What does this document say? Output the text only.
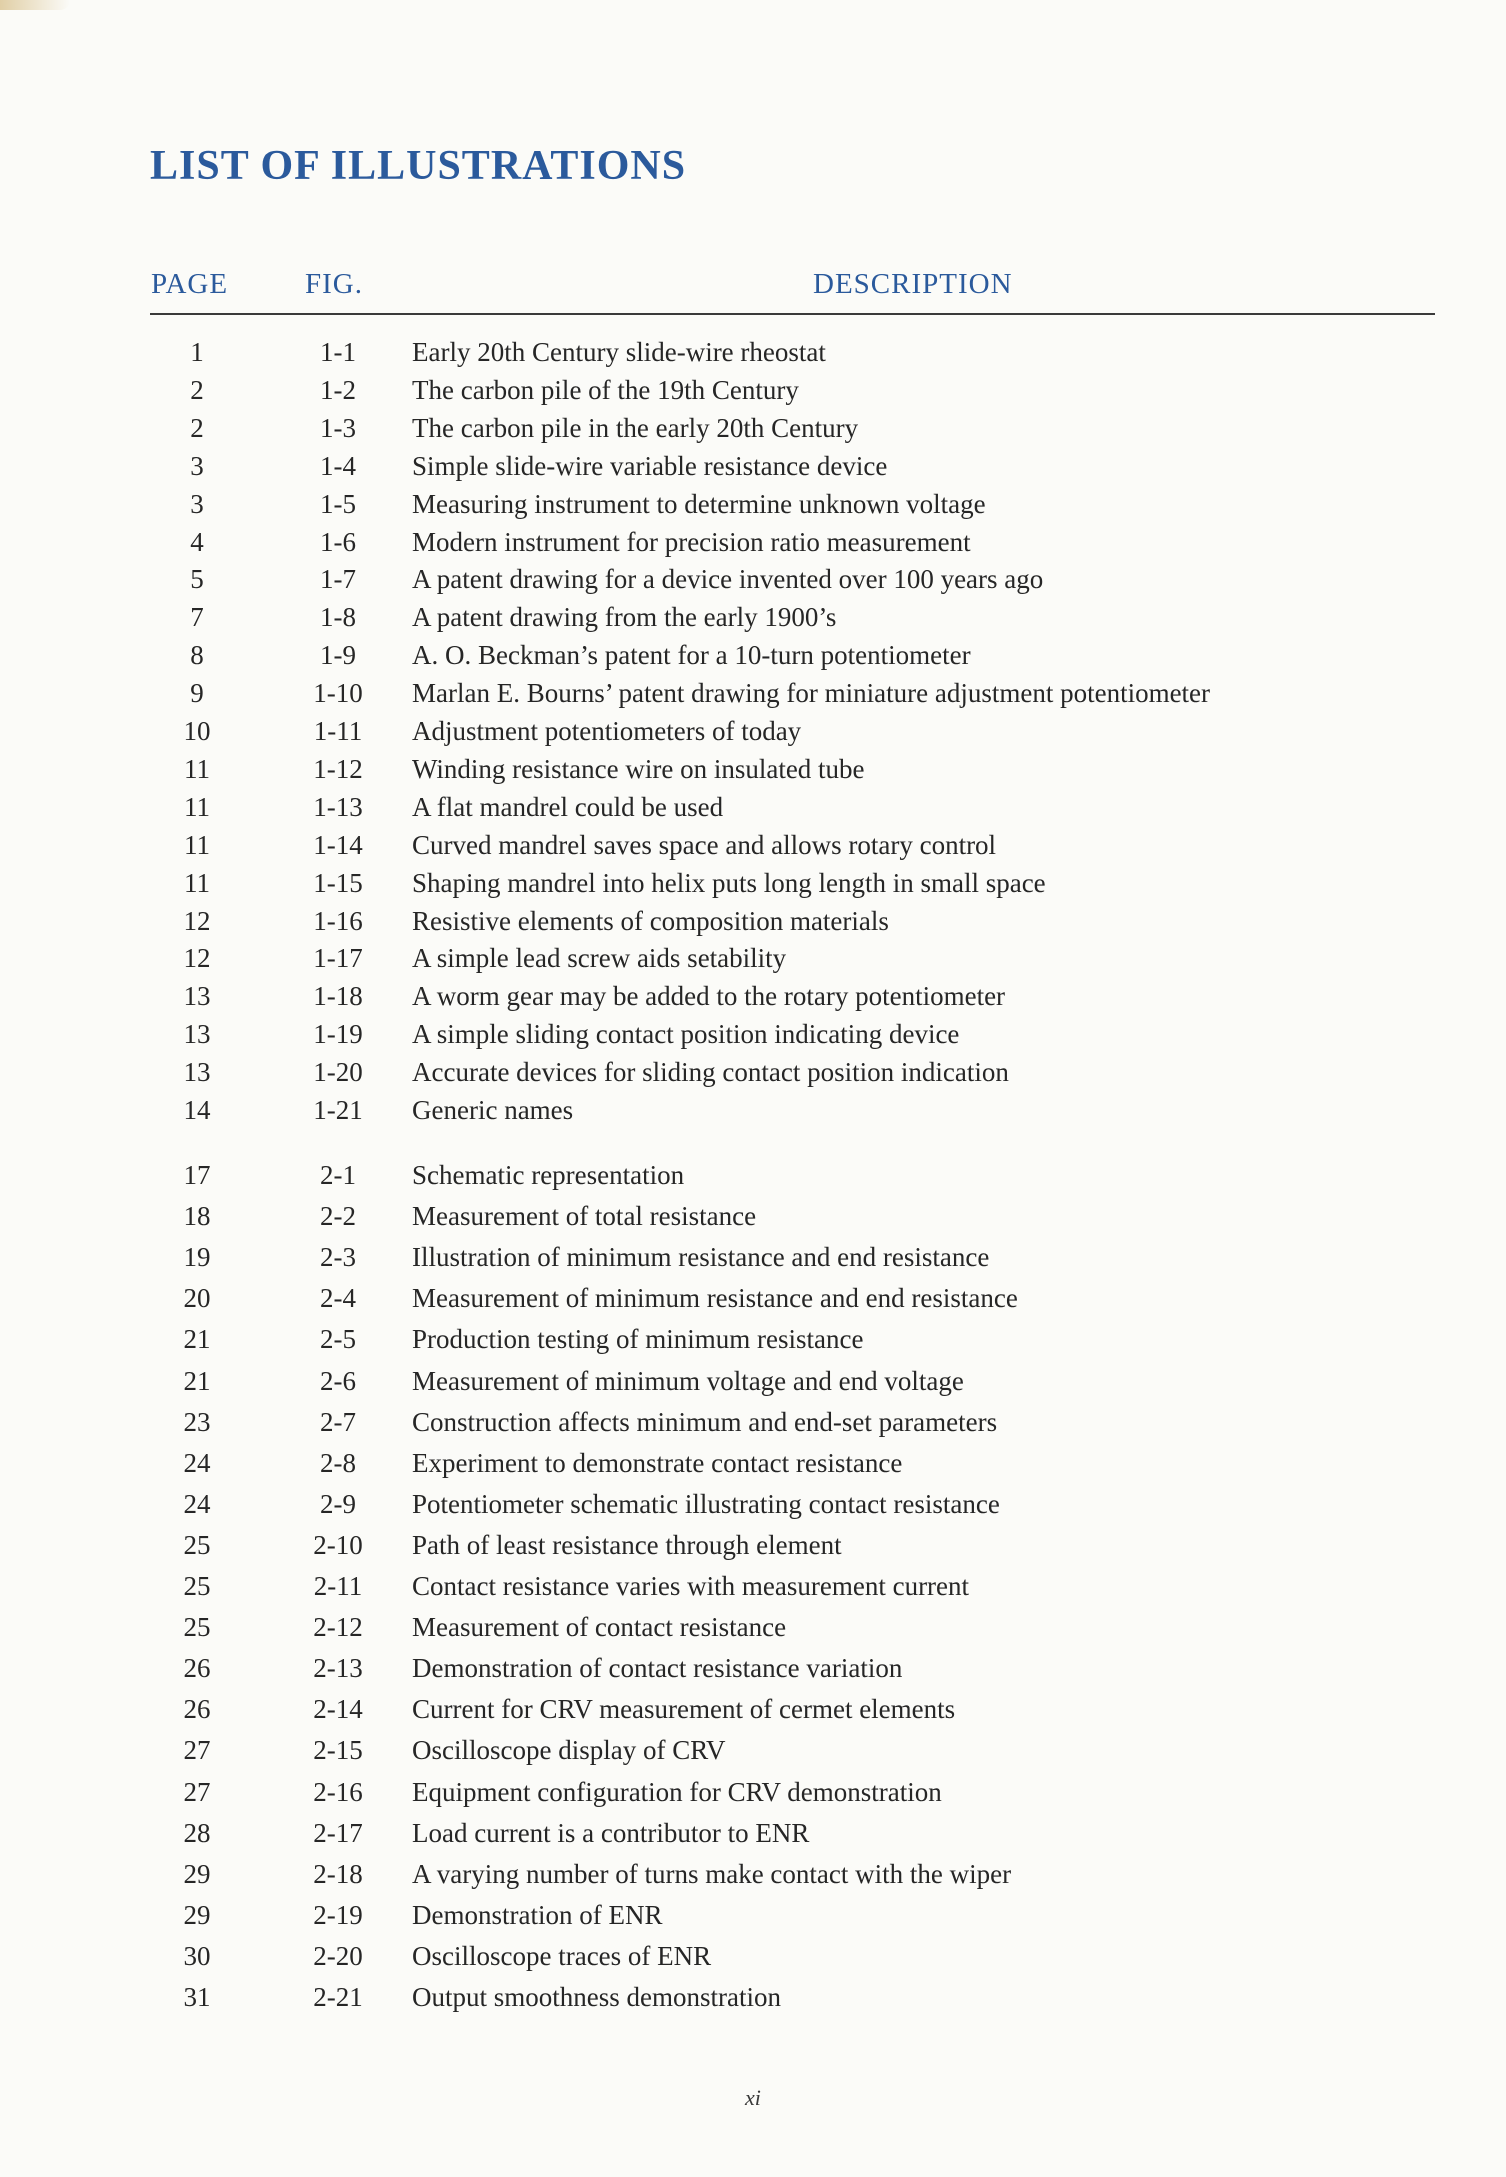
LIST OF ILLUSTRATIONS
PAGE	FIG.	DESCRIPTION
1	1-1	Early 20th Century slide-wire rheostat
2	1-2	The carbon pile of the 19th Century
2	1-3	The carbon pile in the early 20th Century
3	1-4	Simple slide-wire variable resistance device
3	1-5	Measuring instrument to determine unknown voltage
4	1-6	Modern instrument for precision ratio measurement
5	1-7	A patent drawing for a device invented over 100 years ago
7	1-8	A patent drawing from the early 1900’s
8	1-9	A. O. Beckman’s patent for a 10-turn potentiometer
9	1-10	Marlan E. Bourns’ patent drawing for miniature adjustment potentiometer
10	1-11	Adjustment potentiometers of today
11	1-12	Winding resistance wire on insulated tube
11	1-13	A flat mandrel could be used
11	1-14	Curved mandrel saves space and allows rotary control
11	1-15	Shaping mandrel into helix puts long length in small space
12	1-16	Resistive elements of composition materials
12	1-17	A simple lead screw aids setability
13	1-18	A worm gear may be added to the rotary potentiometer
13	1-19	A simple sliding contact position indicating device
13	1-20	Accurate devices for sliding contact position indication
14	1-21	Generic names
17	2-1	Schematic representation
18	2-2	Measurement of total resistance
19	2-3	Illustration of minimum resistance and end resistance
20	2-4	Measurement of minimum resistance and end resistance
21	2-5	Production testing of minimum resistance
21	2-6	Measurement of minimum voltage and end voltage
23	2-7	Construction affects minimum and end-set parameters
24	2-8	Experiment to demonstrate contact resistance
24	2-9	Potentiometer schematic illustrating contact resistance
25	2-10	Path of least resistance through element
25	2-11	Contact resistance varies with measurement current
25	2-12	Measurement of contact resistance
26	2-13	Demonstration of contact resistance variation
26	2-14	Current for CRV measurement of cermet elements
27	2-15	Oscilloscope display of CRV
27	2-16	Equipment configuration for CRV demonstration
28	2-17	Load current is a contributor to ENR
29	2-18	A varying number of turns make contact with the wiper
29	2-19	Demonstration of ENR
30	2-20	Oscilloscope traces of ENR
31	2-21	Output smoothness demonstration
xi
